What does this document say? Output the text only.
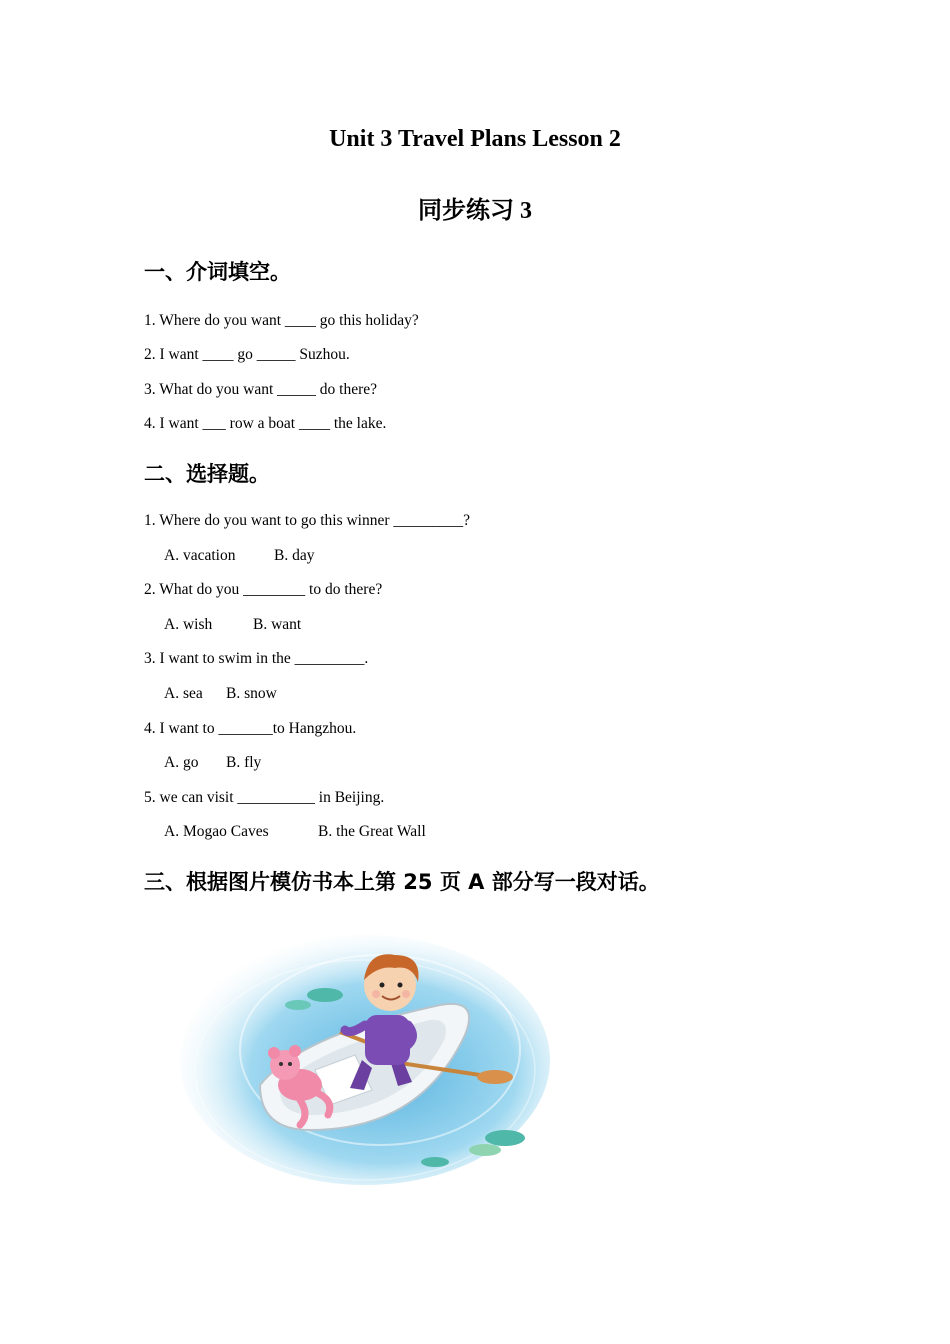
Unit 3 Travel Plans Lesson 2
同步练习 3
一、介词填空。
1. Where do you want ____ go this holiday?
2. I want ____ go _____ Suzhou.
3. What do you want _____ do there?
4. I want ___ row a boat ____ the lake.
二、选择题。
1. Where do you want to go this winner _________?
A. vacation B. day
2. What do you ________ to do there?
A. wish	B. want
3. I want to swim in the _________.
A. sea B. snow
4. I want to _______to Hangzhou.
A. go B. fly
5. we can visit __________ in Beijing.
A. Mogao Caves	B. the Great Wall
三、根据图片模仿书本上第 25 页 A 部分写一段对话。
